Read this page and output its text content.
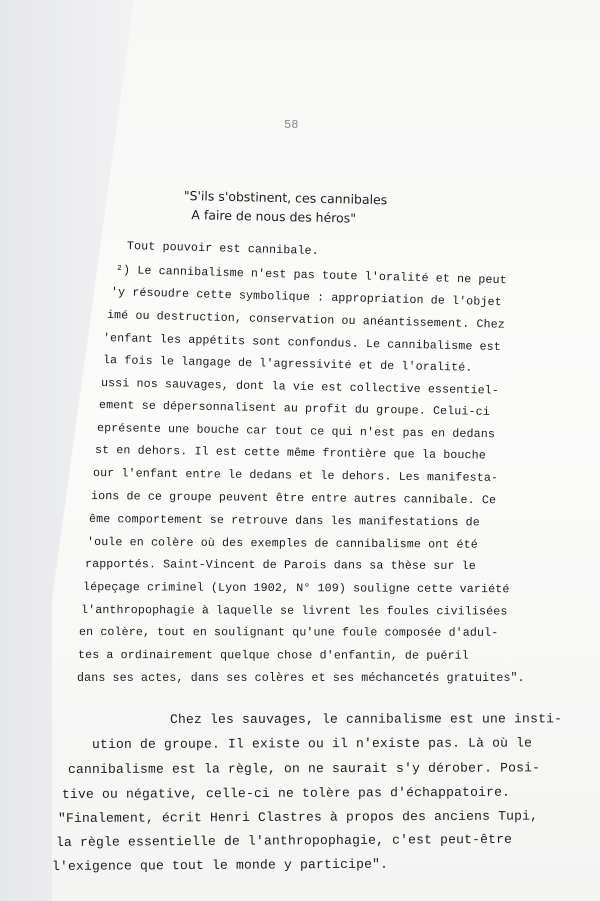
58
"S'ils s'obstinent, ces cannibales
A faire de nous des héros"
Tout pouvoir est cannibale.
²) Le cannibalisme n'est pas toute l'oralité et ne peut
'y résoudre cette symbolique : appropriation de l'objet
imé ou destruction, conservation ou anéantissement. Chez
'enfant les appétits sont confondus. Le cannibalisme est
la fois le langage de l'agressivité et de l'oralité.
ussi nos sauvages, dont la vie est collective essentiel-
ement se dépersonnalisent au profit du groupe. Celui-ci
eprésente une bouche car tout ce qui n'est pas en dedans
st en dehors. Il est cette même frontière que la bouche
our l'enfant entre le dedans et le dehors. Les manifesta-
ions de ce groupe peuvent être entre autres cannibale. Ce
ême comportement se retrouve dans les manifestations de
'oule en colère où des exemples de cannibalisme ont été
rapportés. Saint-Vincent de Parois dans sa thèse sur le
lépeçage criminel (Lyon 1902, N° 109) souligne cette variété
l'anthropophagie à laquelle se livrent les foules civilisées
en colère, tout en soulignant qu'une foule composée d'adul-
tes a ordinairement quelque chose d'enfantin, de puéril
dans ses actes, dans ses colères et ses méchancetés gratuites".
Chez les sauvages, le cannibalisme est une insti-
ution de groupe. Il existe ou il n'existe pas. Là où le
cannibalisme est la règle, on ne saurait s'y dérober. Posi-
tive ou négative, celle-ci ne tolère pas d'échappatoire.
"Finalement, écrit Henri Clastres à propos des anciens Tupi,
la règle essentielle de l'anthropophagie, c'est peut-être
l'exigence que tout le monde y participe".
